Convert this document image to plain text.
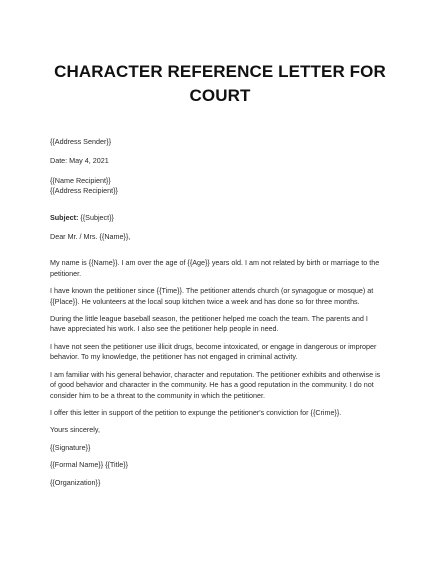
CHARACTER REFERENCE LETTER FOR
COURT

{{Address Sender}}

Date: May 4, 2021

{{Name Recipient}}

{{Address Recipient}}

Subject: {{Subject}}

Dear Mr. / Mrs. {{Name}},

My name is {{Name}}. I am over the age of {{Age}} years old. I am not related by birth or marriage to the petitioner.

I have known the petitioner since {{Time}}. The petitioner attends church (or synagogue or mosque) at {{Place}}. He volunteers at the local soup kitchen twice a week and has done so for three months.

During the little league baseball season, the petitioner helped me coach the team. The parents and I have appreciated his work. I also see the petitioner help people in need.

I have not seen the petitioner use illicit drugs, become intoxicated, or engage in dangerous or improper behavior. To my knowledge, the petitioner has not engaged in criminal activity.

I am familiar with his general behavior, character and reputation. The petitioner exhibits and otherwise is of good behavior and character in the community. He has a good reputation in the community. I do not consider him to be a threat to the community in which the petitioner.

I offer this letter in support of the petition to expunge the petitioner's conviction for {{Crime}}.

Yours sincerely,

{{Signature}}

{{Formal Name}} {{Title}}

{{Organization}}
